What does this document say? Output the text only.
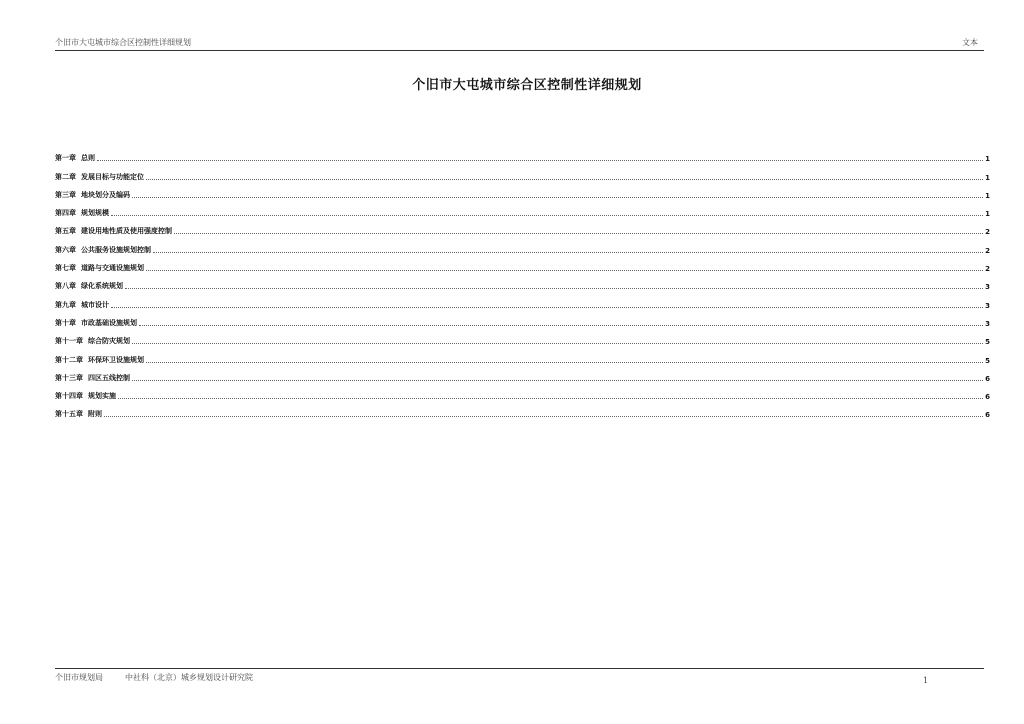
个旧市大屯城市综合区控制性详细规划	文本
个旧市大屯城市综合区控制性详细规划
第一章 总则	1
第二章 发展目标与功能定位	1
第三章 地块划分及编码	1
第四章 规划规模	1
第五章 建设用地性质及使用强度控制	2
第六章 公共服务设施规划控制	2
第七章 道路与交通设施规划	2
第八章 绿化系统规划	3
第九章 城市设计	3
第十章 市政基础设施规划	3
第十一章 综合防灾规划	5
第十二章 环保环卫设施规划	5
第十三章 四区五线控制	6
第十四章 规划实施	6
第十五章 附则	6
个旧市规划局	中社科（北京）城乡规划设计研究院	1
